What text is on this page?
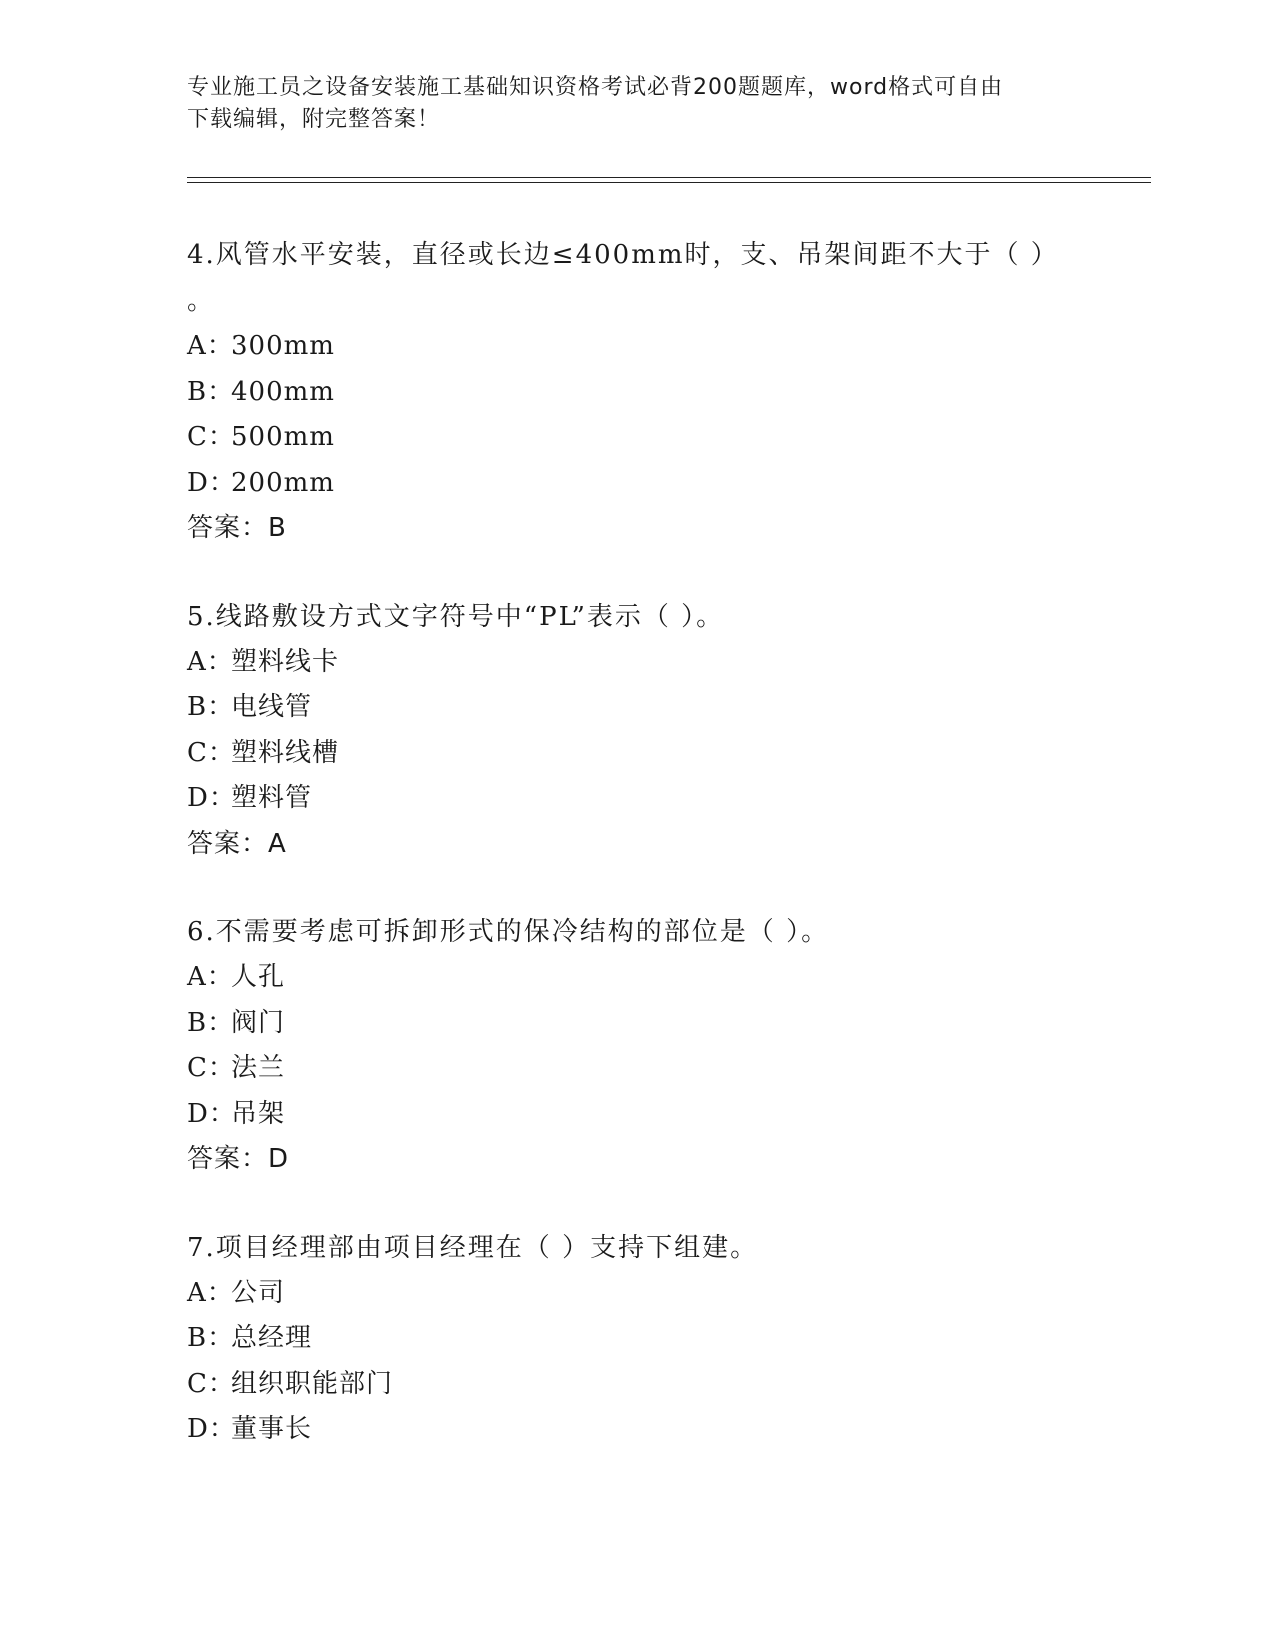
专业施工员之设备安装施工基础知识资格考试必背200题题库，word格式可自由
下载编辑，附完整答案！
4.风管水平安装，直径或长边≤400mm时，支、吊架间距不大于（ ）
。
A：300mm
B：400mm
C：500mm
D：200mm
答案：B
5.线路敷设方式文字符号中“PL”表示（ ）。
A：塑料线卡
B：电线管
C：塑料线槽
D：塑料管
答案：A
6.不需要考虑可拆卸形式的保冷结构的部位是（ ）。
A：人孔
B：阀门
C：法兰
D：吊架
答案：D
7.项目经理部由项目经理在（ ）支持下组建。
A：公司
B：总经理
C：组织职能部门
D：董事长
